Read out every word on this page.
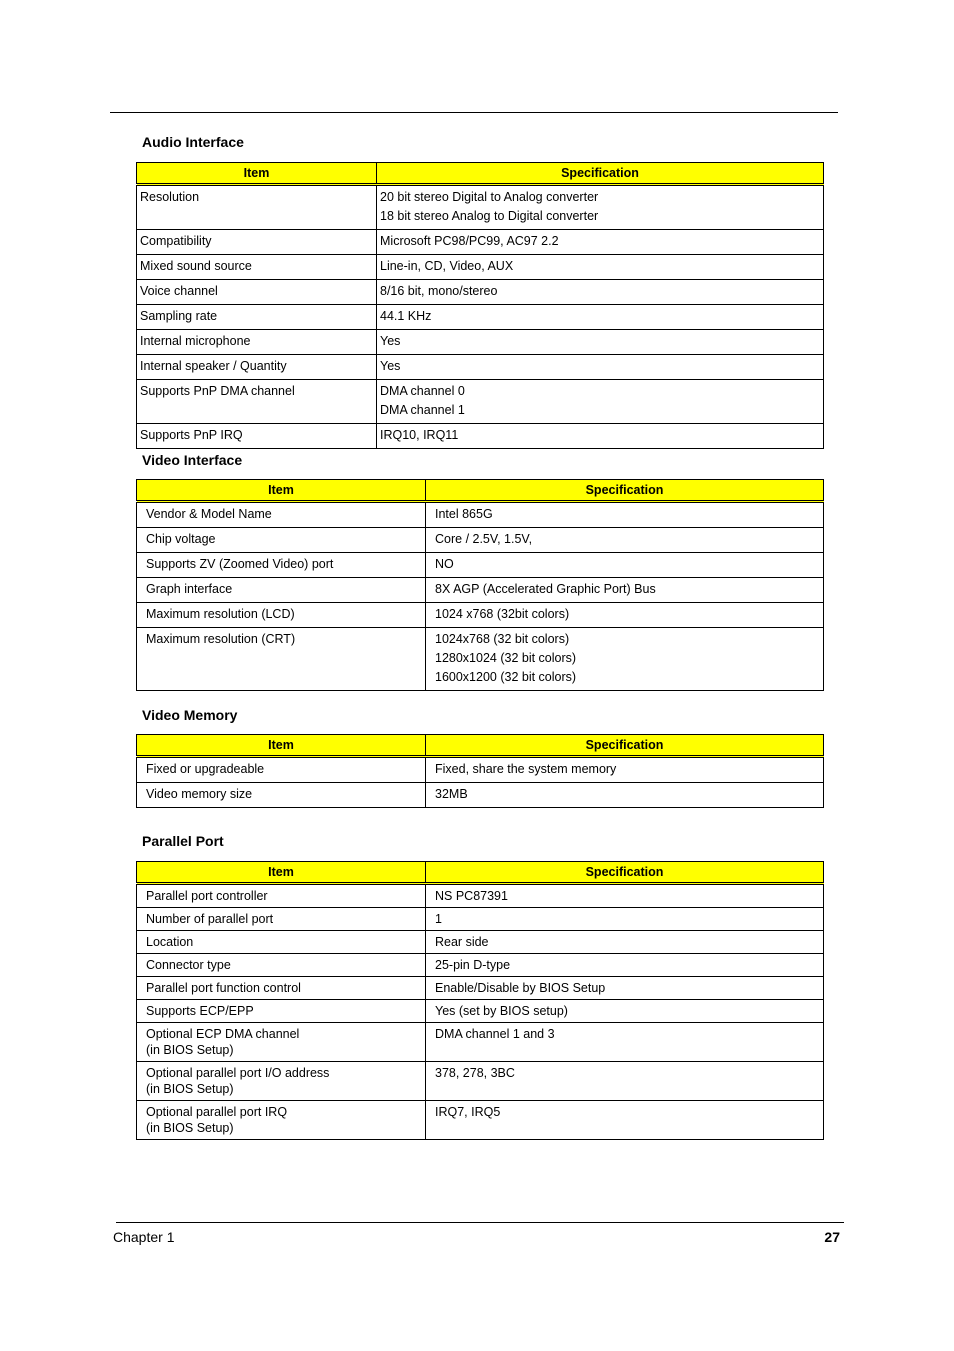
Audio Interface
Item	Specification

Resolution	20 bit stereo Digital to Analog converter
18 bit stereo Analog to Digital converter

Compatibility	Microsoft PC98/PC99, AC97 2.2

Mixed sound source	Line-in, CD, Video, AUX

Voice channel	8/16 bit, mono/stereo

Sampling rate	44.1 KHz

Internal microphone	Yes

Internal speaker / Quantity	Yes

Supports PnP DMA channel	DMA channel 0
DMA channel 1

Supports PnP IRQ	IRQ10, IRQ11
Video Interface
Item	Specification

Vendor & Model Name	Intel 865G

Chip voltage	Core / 2.5V, 1.5V,

Supports ZV (Zoomed Video) port	NO

Graph interface	8X AGP (Accelerated Graphic Port) Bus

Maximum resolution (LCD)	1024 x768 (32bit colors)

Maximum resolution (CRT)	1024x768 (32 bit colors)
1280x1024 (32 bit colors)
1600x1200 (32 bit colors)
Video Memory
Item	Specification

Fixed or upgradeable	Fixed, share the system memory

Video memory size	32MB
Parallel Port
Item	Specification

Parallel port controller	NS PC87391

Number of parallel port	1

Location	Rear side

Connector type	25-pin D-type

Parallel port function control	Enable/Disable by BIOS Setup

Supports ECP/EPP	Yes (set by BIOS setup)

Optional ECP DMA channel
(in BIOS Setup)	DMA channel 1 and 3

Optional parallel port I/O address
(in BIOS Setup)	378, 278, 3BC

Optional parallel port IRQ
(in BIOS Setup)	IRQ7, IRQ5
Chapter 1	27
